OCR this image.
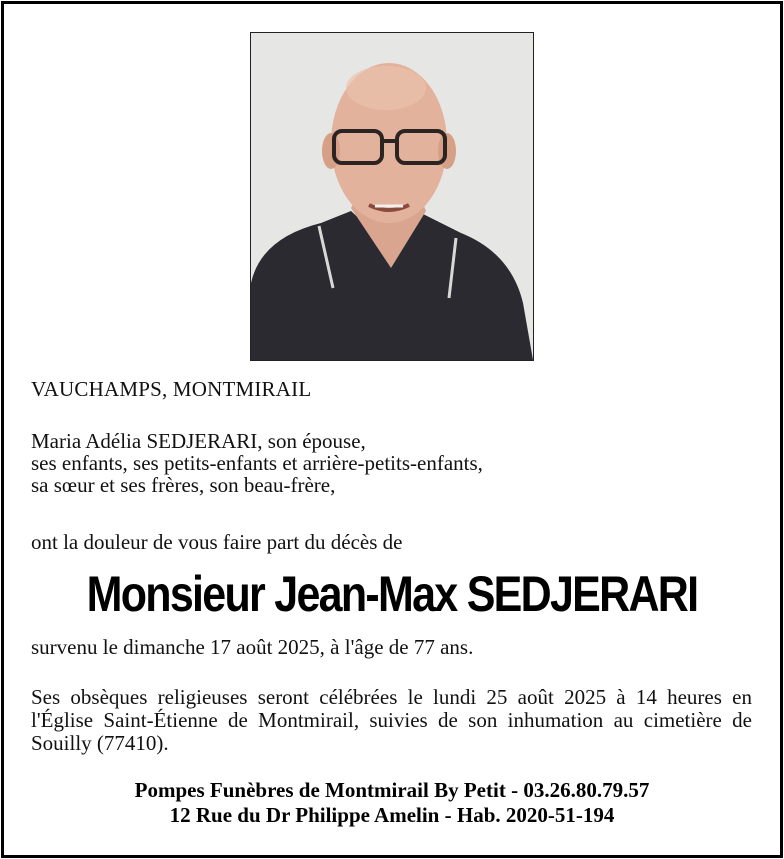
VAUCHAMPS, MONTMIRAIL
Maria Adélia SEDJERARI, son épouse,
ses enfants, ses petits-enfants et arrière-petits-enfants,
sa sœur et ses frères, son beau-frère,
ont la douleur de vous faire part du décès de
Monsieur Jean-Max SEDJERARI
survenu le dimanche 17 août 2025, à l'âge de 77 ans.
Ses obsèques religieuses seront célébrées le lundi 25 août 2025 à 14 heures en l'Église Saint-Étienne de Montmirail, suivies de son inhumation au cimetière de Souilly (77410).
Pompes Funèbres de Montmirail By Petit - 03.26.80.79.57
12 Rue du Dr Philippe Amelin - Hab. 2020-51-194
